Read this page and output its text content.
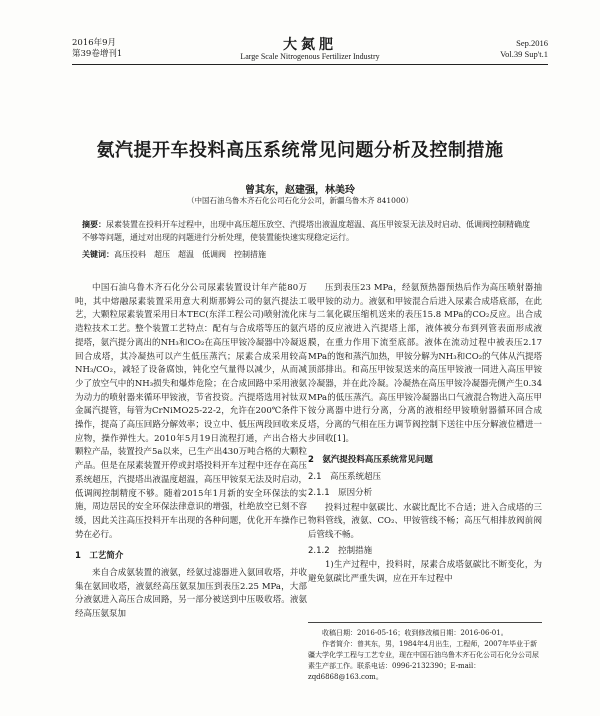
2016年9月
第39卷增刊1
大氮肥
Large Scale Nitrogenous Fertilizer Industry
Sep.2016
Vol.39 Sup't.1
氨汽提开车投料高压系统常见问题分析及控制措施
曾其东，赵建强，林美玲
（中国石油乌鲁木齐石化公司石化分公司，新疆乌鲁木齐 841000）
摘要：尿素装置在投料开车过程中，出现中高压超压放空、汽提塔出液温度超温、高压甲铵泵无法及时启动、低调阀控制精确度不够等问题，通过对出现的问题进行分析处理，使装置能快速实现稳定运行。
关键词：高压投料　超压　超温　低调阀　控制措施

中国石油乌鲁木齐石化分公司尿素装置设计年产能80万吨，其中熔融尿素装置采用意大利斯那姆公司的氨汽提法工艺，大颗粒尿素装置采用日本TEC(东洋工程公司)喷射流化床造粒技术工艺。整个装置工艺特点：配有与合成塔等压的氨汽提塔，氨汽提分离出的NH₃和CO₂在高压甲铵冷凝器中冷凝返回合成塔，其冷凝热可以产生低压蒸汽；尿素合成采用较高NH₃/CO₂，减轻了设备腐蚀，钝化空气量得以减少，从而减少了放空气中的NH₃损失和爆炸危险；在合成回路中采用液氨为动力的喷射器来循环甲铵液，节省投资。汽提塔选用衬钛双金属汽提管，每管为CrNiMO25-22-2，允许在200℃条件下操作，提高了高压回路分解效率；设立中、低压两段回收来反应物，操作弹性大。2010年5月19日流程打通，产出合格大颗粒产品，装置投产5a以来，已生产出430万吨合格的大颗粒产品。但是在尿素装置开停或封塔投料开车过程中还存在高压系统超压，汽提塔出液温度超温，高压甲铵泵无法及时启动，低调阀控制精度不够。随着2015年1月新的安全环保法的实施，周边居民的安全环保法律意识的增强，杜绝放空已刻不容缓，因此关注高压投料开车出现的各种问题，优化开车操作已势在必行。

1　工艺简介

来自合成氨装置的液氨，经氨过滤器进入氨回收塔，并收集在氨回收塔，液氨经高压氨泵加压到表压2.25 MPa，大部分液氨进入高压合成回路，另一部分被送到中压吸收塔。液氨经高压氨泵加

压到表压23 MPa，经氨预热器预热后作为高压喷射器抽吸甲铵的动力。液氨和甲铵混合后进入尿素合成塔底部，在此与二氧化碳压缩机送来的表压15.8 MPa的CO₂反应。出合成塔的反应液进入汽提塔上部，液体被分布到列管表面形成液膜，在重力作用下流至底部。液体在流动过程中被表压2.17 MPa的饱和蒸汽加热，甲铵分解为NH₃和CO₂的气体从汽提塔顶部排出。和高压甲铵泵送来的高压甲铵液一同进入高压甲铵冷凝器，并在此冷凝。冷凝热在高压甲铵冷凝器壳侧产生0.34 MPa的低压蒸汽。高压甲铵冷凝器出口气液混合物进入高压甲铵分离器中进行分离，分离的液相经甲铵喷射器循环回合成塔，分离的气相在压力调节阀控制下送往中压分解液位槽进一步回收[1]。

2　氨汽提投料高压系统常见问题
2.1　高压系统超压
2.1.1　原因分析

投料过程中氨碳比、水碳比配比不合适；进入合成塔的三物料管线，液氨、CO₂、甲铵管线不畅；高压气相排放阀前阀后管线不畅。

2.1.2　控制措施

1)生产过程中，投料时，尿素合成塔氨碳比不断变化，为避免氨碳比严重失调，应在开车过程中

收稿日期：2016-05-16；收到修改稿日期：2016-06-01。

作者简介：曾其东，男，1984年4月出生，工程师，2007年毕业于新疆大学化学工程与工艺专业，现在中国石油乌鲁木齐石化公司石化分公司尿素生产部工作。联系电话：0996-2132390；E-mail：zqd6868@163.com。
